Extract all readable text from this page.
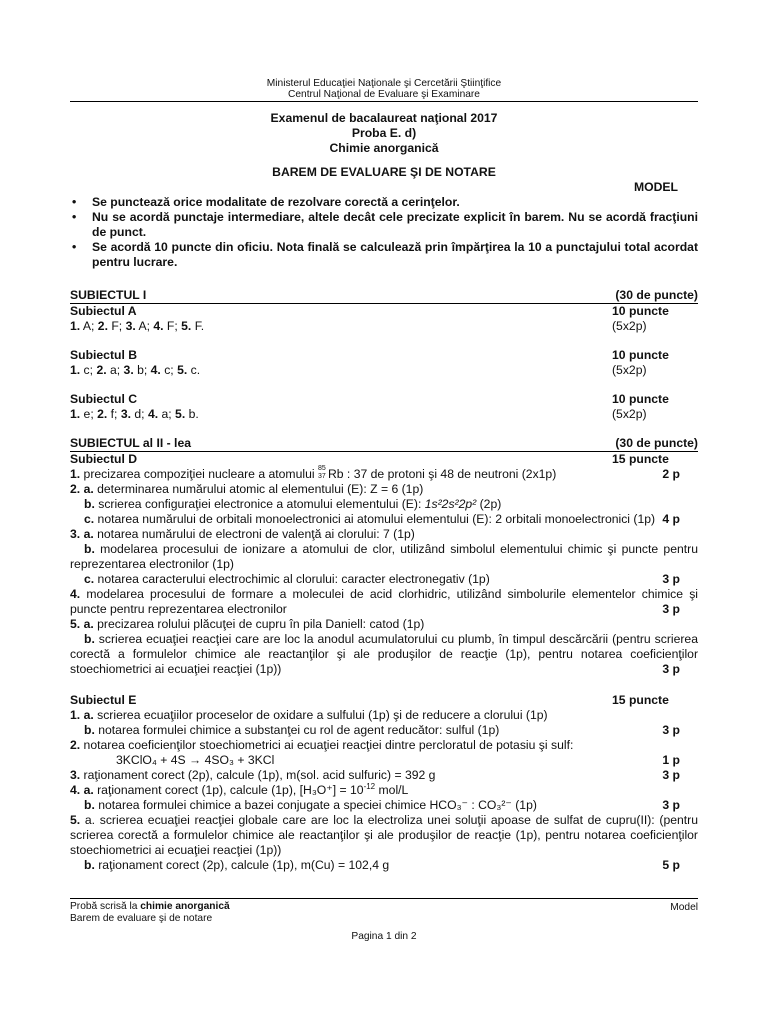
Ministerul Educaţiei Naţionale şi Cercetării Ştiinţifice
Centrul Naţional de Evaluare şi Examinare
Examenul de bacalaureat naţional 2017
Proba E. d)
Chimie anorganică
BAREM DE EVALUARE ŞI DE NOTARE
MODEL
• Se punctează orice modalitate de rezolvare corectă a cerinţelor.
• Nu se acordă punctaje intermediare, altele decât cele precizate explicit în barem. Nu se acordă fracţiuni de punct.
• Se acordă 10 puncte din oficiu. Nota finală se calculează prin împărţirea la 10 a punctajului total acordat pentru lucrare.
SUBIECTUL I	(30 de puncte)
Subiectul A	10 puncte
1. A; 2. F; 3. A; 4. F; 5. F.	(5x2p)
Subiectul B	10 puncte
1. c; 2. a; 3. b; 4. c; 5. c.	(5x2p)
Subiectul C	10 puncte
1. e; 2. f; 3. d; 4. a; 5. b.	(5x2p)
SUBIECTUL al II - lea	(30 de puncte)
Subiectul D	15 puncte
1. precizarea compoziţiei nucleare a atomului 85
37 Rb : 37 de protoni şi 48 de neutroni (2x1p)	2 p
2. a. determinarea numărului atomic al elementului (E): Z = 6 (1p)
b. scrierea configuraţiei electronice a atomului elementului (E): 1s²2s²2p² (2p)
c. notarea numărului de orbitali monoelectronici ai atomului elementului (E): 2 orbitali monoelectronici (1p) 4 p
3. a. notarea numărului de electroni de valenţă ai clorului: 7 (1p)
b. modelarea procesului de ionizare a atomului de clor, utilizând simbolul elementului chimic şi puncte pentru reprezentarea electronilor (1p)
c. notarea caracterului electrochimic al clorului: caracter electronegativ (1p)	3 p
4. modelarea procesului de formare a moleculei de acid clorhidric, utilizând simbolurile elementelor chimice şi puncte pentru reprezentarea electronilor	3 p
5. a. precizarea rolului plăcuţei de cupru în pila Daniell: catod (1p)
b. scrierea ecuaţiei reacţiei care are loc la anodul acumulatorului cu plumb, în timpul descărcării (pentru scrierea corectă a formulelor chimice ale reactanţilor şi ale produşilor de reacţie (1p), pentru notarea coeficienţilor stoechiometrici ai ecuaţiei reacţiei (1p))	3 p
Subiectul E	15 puncte
1. a. scrierea ecuaţiilor proceselor de oxidare a sulfului (1p) şi de reducere a clorului (1p)
b. notarea formulei chimice a substanţei cu rol de agent reducător: sulful (1p)	3 p
2. notarea coeficienţilor stoechiometrici ai ecuaţiei reacţiei dintre percloratul de potasiu şi sulf:
3KClO₄ + 4S → 4SO₃ + 3KCl	1 p
3. raţionament corect (2p), calcule (1p), m(sol. acid sulfuric) = 392 g	3 p
4. a. raţionament corect (1p), calcule (1p), $[H_3O^+] = 10^{-12}$ mol/L
b. notarea formulei chimice a bazei conjugate a speciei chimice HCO₃⁻ : CO₃²⁻ (1p)	3 p
5. a. scrierea ecuaţiei reacţiei globale care are loc la electroliza unei soluţii apoase de sulfat de cupru(II): (pentru scrierea corectă a formulelor chimice ale reactanţilor şi ale produşilor de reacţie (1p), pentru notarea coeficienţilor stoechiometrici ai ecuaţiei reacţiei (1p))
b. raţionament corect (2p), calcule (1p), m(Cu) = 102,4 g	5 p
Probă scrisă la chimie anorganică
Barem de evaluare şi de notare
Model
Pagina 1 din 2
